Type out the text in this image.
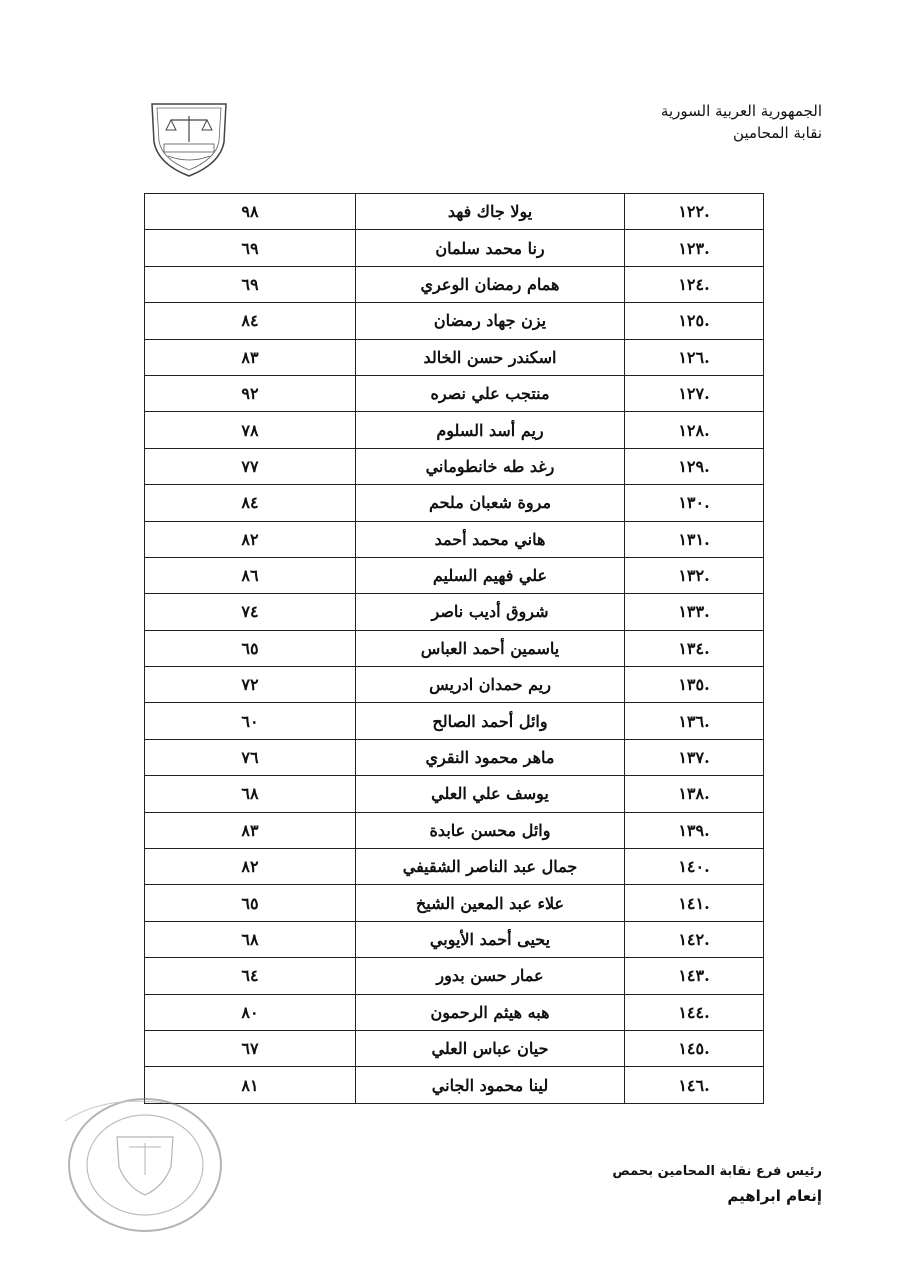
الجمهورية العربية السورية
نقابة المحامين
.١٢٢	يولا جاك فهد	٩٨
.١٢٣	رنا محمد سلمان	٦٩
.١٢٤	همام رمضان الوعري	٦٩
.١٢٥	يزن جهاد رمضان	٨٤
.١٢٦	اسكندر حسن الخالد	٨٣
.١٢٧	منتجب علي نصره	٩٢
.١٢٨	ريم أسد السلوم	٧٨
.١٢٩	رغد طه خانطوماني	٧٧
.١٣٠	مروة شعبان ملحم	٨٤
.١٣١	هاني محمد أحمد	٨٢
.١٣٢	علي فهيم السليم	٨٦
.١٣٣	شروق أديب ناصر	٧٤
.١٣٤	ياسمين أحمد العباس	٦٥
.١٣٥	ريم حمدان ادريس	٧٢
.١٣٦	وائل أحمد الصالح	٦٠
.١٣٧	ماهر محمود النقري	٧٦
.١٣٨	يوسف علي العلي	٦٨
.١٣٩	وائل محسن عابدة	٨٣
.١٤٠	جمال عبد الناصر الشقيفي	٨٢
.١٤١	علاء عبد المعين الشيخ	٦٥
.١٤٢	يحيى أحمد الأيوبي	٦٨
.١٤٣	عمار حسن بدور	٦٤
.١٤٤	هبه هيثم الرحمون	٨٠
.١٤٥	حيان عباس العلي	٦٧
.١٤٦	لينا محمود الجاني	٨١
رئيس فرع نقابة المحامين بحمص
إنعام ابراهيم
